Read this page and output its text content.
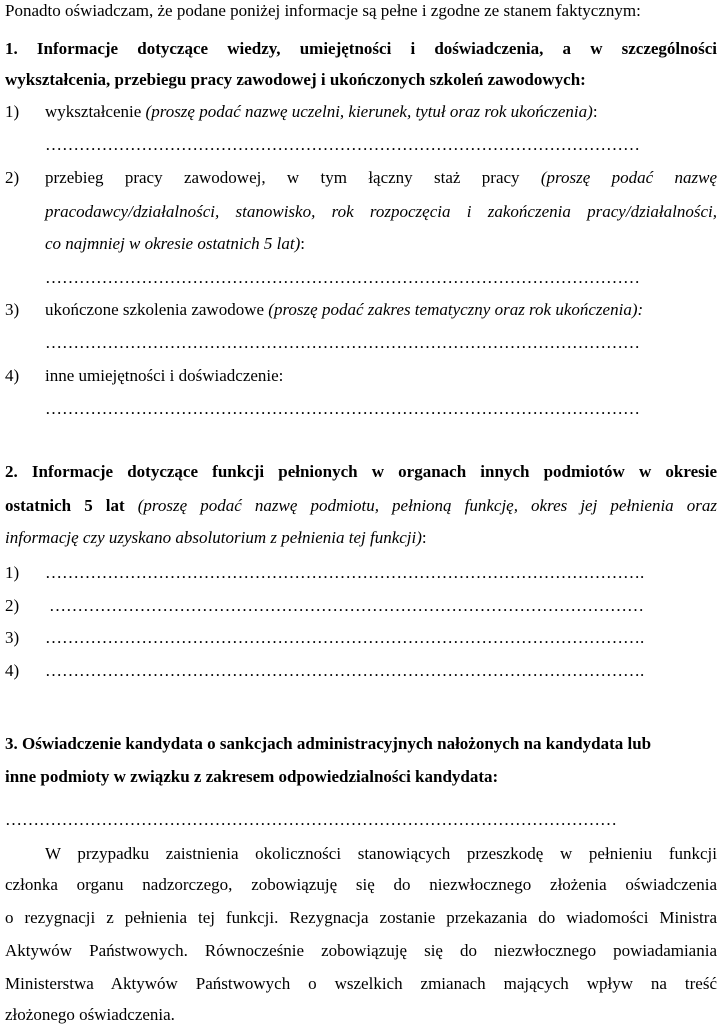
Ponadto oświadczam, że podane poniżej informacje są pełne i zgodne ze stanem faktycznym:
1. Informacje dotyczące wiedzy, umiejętności i doświadczenia, a w szczególności
wykształcenia, przebiegu pracy zawodowej i ukończonych szkoleń zawodowych:
1) wykształcenie (proszę podać nazwę uczelni, kierunek, tytuł oraz rok ukończenia):
……………………………………………………………………………………………
2) przebieg pracy zawodowej, w tym łączny staż pracy (proszę podać nazwę
pracodawcy/działalności, stanowisko, rok rozpoczęcia i zakończenia pracy/działalności,
co najmniej w okresie ostatnich 5 lat):
……………………………………………………………………………………………
3) ukończone szkolenia zawodowe (proszę podać zakres tematyczny oraz rok ukończenia):
……………………………………………………………………………………………
4) inne umiejętności i doświadczenie:
……………………………………………………………………………………………
2. Informacje dotyczące funkcji pełnionych w organach innych podmiotów w okresie
ostatnich 5 lat (proszę podać nazwę podmiotu, pełnioną funkcję, okres jej pełnienia oraz
informację czy uzyskano absolutorium z pełnienia tej funkcji):
1) …………………………………………………………………………………………….
2) ……………………………………………………………………………………………
3) …………………………………………………………………………………………….
4) …………………………………………………………………………………………….
3. Oświadczenie kandydata o sankcjach administracyjnych nałożonych na kandydata lub
inne podmioty w związku z zakresem odpowiedzialności kandydata:
………………………………………………………………………………………………
W przypadku zaistnienia okoliczności stanowiących przeszkodę w pełnieniu funkcji
członka organu nadzorczego, zobowiązuję się do niezwłocznego złożenia oświadczenia
o rezygnacji z pełnienia tej funkcji. Rezygnacja zostanie przekazania do wiadomości Ministra
Aktywów Państwowych. Równocześnie zobowiązuję się do niezwłocznego powiadamiania
Ministerstwa Aktywów Państwowych o wszelkich zmianach mających wpływ na treść
złożonego oświadczenia.
